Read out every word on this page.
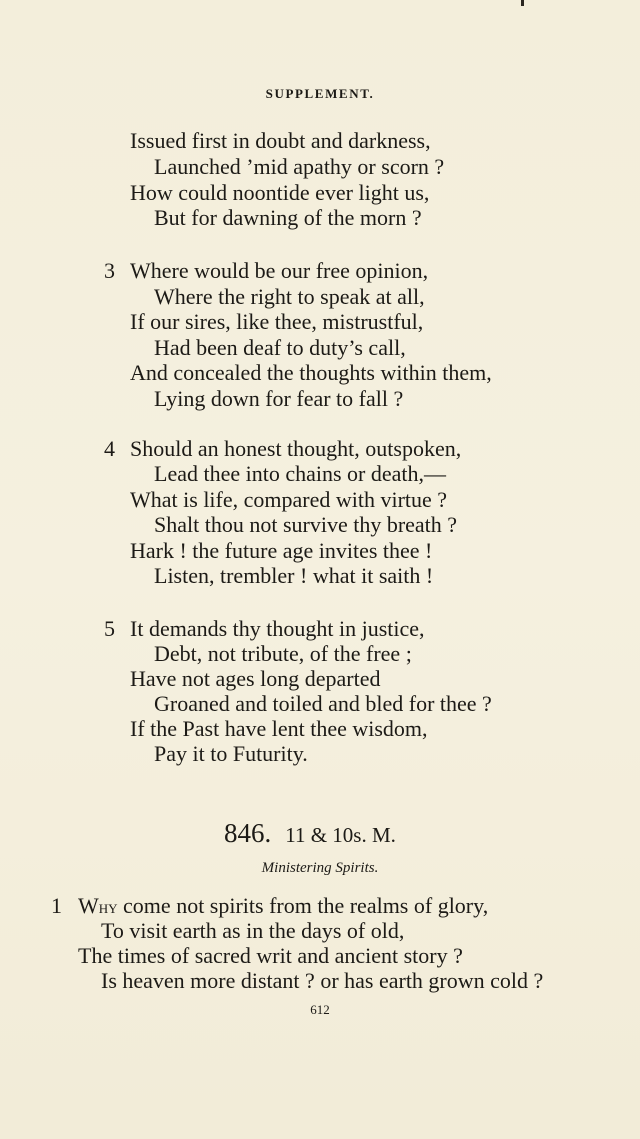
SUPPLEMENT.
Issued first in doubt and darkness,
Launched ’mid apathy or scorn ?
How could noontide ever light us,
But for dawning of the morn ?
3 Where would be our free opinion,
Where the right to speak at all,
If our sires, like thee, mistrustful,
Had been deaf to duty’s call,
And concealed the thoughts within them,
Lying down for fear to fall ?
4 Should an honest thought, outspoken,
Lead thee into chains or death,—
What is life, compared with virtue ?
Shalt thou not survive thy breath ?
Hark ! the future age invites thee !
Listen, trembler ! what it saith !
5 It demands thy thought in justice,
Debt, not tribute, of the free ;
Have not ages long departed
Groaned and toiled and bled for thee ?
If the Past have lent thee wisdom,
Pay it to Futurity.
846. 11 & 10s. M.
Ministering Spirits.
1 Why come not spirits from the realms of glory,
To visit earth as in the days of old,
The times of sacred writ and ancient story ?
Is heaven more distant ? or has earth grown cold ?
612
